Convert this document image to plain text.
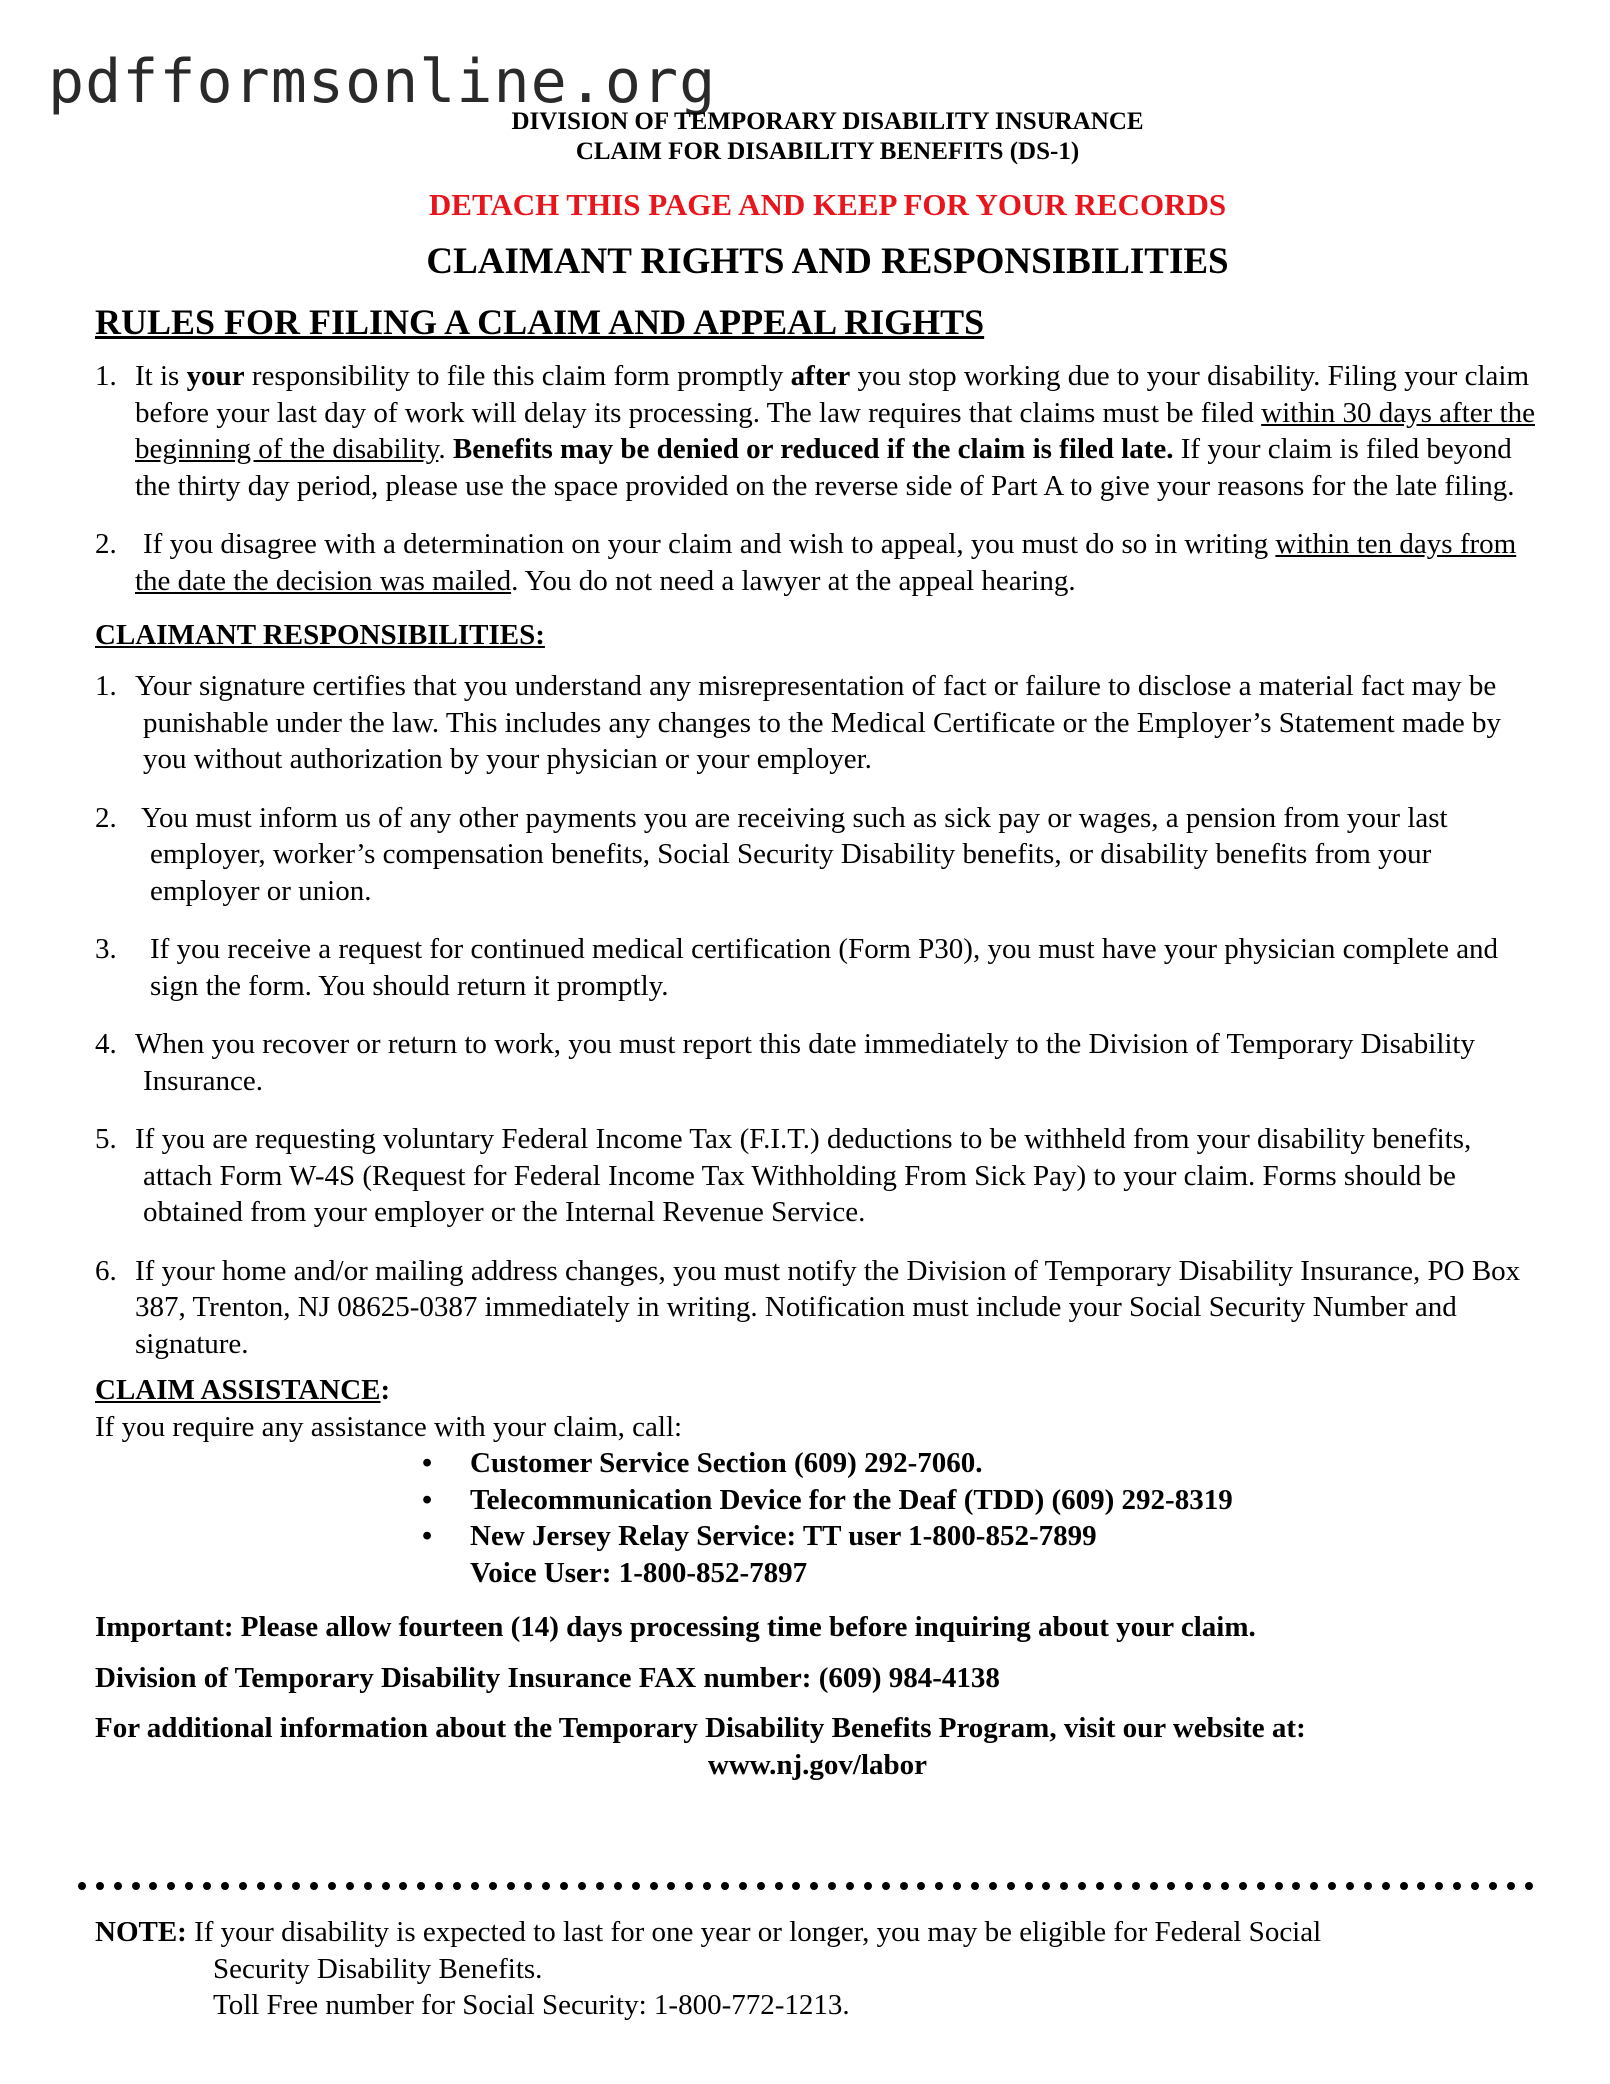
pdfformsonline.org
DIVISION OF TEMPORARY DISABILITY INSURANCE
CLAIM FOR DISABILITY BENEFITS (DS-1)
DETACH THIS PAGE AND KEEP FOR YOUR RECORDS
CLAIMANT RIGHTS AND RESPONSIBILITIES
RULES FOR FILING A CLAIM AND APPEAL RIGHTS
1. It is your responsibility to file this claim form promptly after you stop working due to your disability. Filing your claim before your last day of work will delay its processing. The law requires that claims must be filed within 30 days after the beginning of the disability. Benefits may be denied or reduced if the claim is filed late. If your claim is filed beyond the thirty day period, please use the space provided on the reverse side of Part A to give your reasons for the late filing.
2. If you disagree with a determination on your claim and wish to appeal, you must do so in writing within ten days from the date the decision was mailed. You do not need a lawyer at the appeal hearing.
CLAIMANT RESPONSIBILITIES:
1. Your signature certifies that you understand any misrepresentation of fact or failure to disclose a material fact may be punishable under the law. This includes any changes to the Medical Certificate or the Employer’s Statement made by you without authorization by your physician or your employer.
2. You must inform us of any other payments you are receiving such as sick pay or wages, a pension from your last employer, worker’s compensation benefits, Social Security Disability benefits, or disability benefits from your employer or union.
3. If you receive a request for continued medical certification (Form P30), you must have your physician complete and sign the form. You should return it promptly.
4. When you recover or return to work, you must report this date immediately to the Division of Temporary Disability Insurance.
5. If you are requesting voluntary Federal Income Tax (F.I.T.) deductions to be withheld from your disability benefits, attach Form W-4S (Request for Federal Income Tax Withholding From Sick Pay) to your claim. Forms should be obtained from your employer or the Internal Revenue Service.
6. If your home and/or mailing address changes, you must notify the Division of Temporary Disability Insurance, PO Box 387, Trenton, NJ 08625-0387 immediately in writing. Notification must include your Social Security Number and signature.
CLAIM ASSISTANCE:
If you require any assistance with your claim, call:
• Customer Service Section (609) 292-7060.
• Telecommunication Device for the Deaf (TDD) (609) 292-8319
• New Jersey Relay Service: TT user 1-800-852-7899
Voice User: 1-800-852-7897
Important: Please allow fourteen (14) days processing time before inquiring about your claim.
Division of Temporary Disability Insurance FAX number: (609) 984-4138
For additional information about the Temporary Disability Benefits Program, visit our website at:
www.nj.gov/labor
NOTE: If your disability is expected to last for one year or longer, you may be eligible for Federal Social
Security Disability Benefits.
Toll Free number for Social Security: 1-800-772-1213.
